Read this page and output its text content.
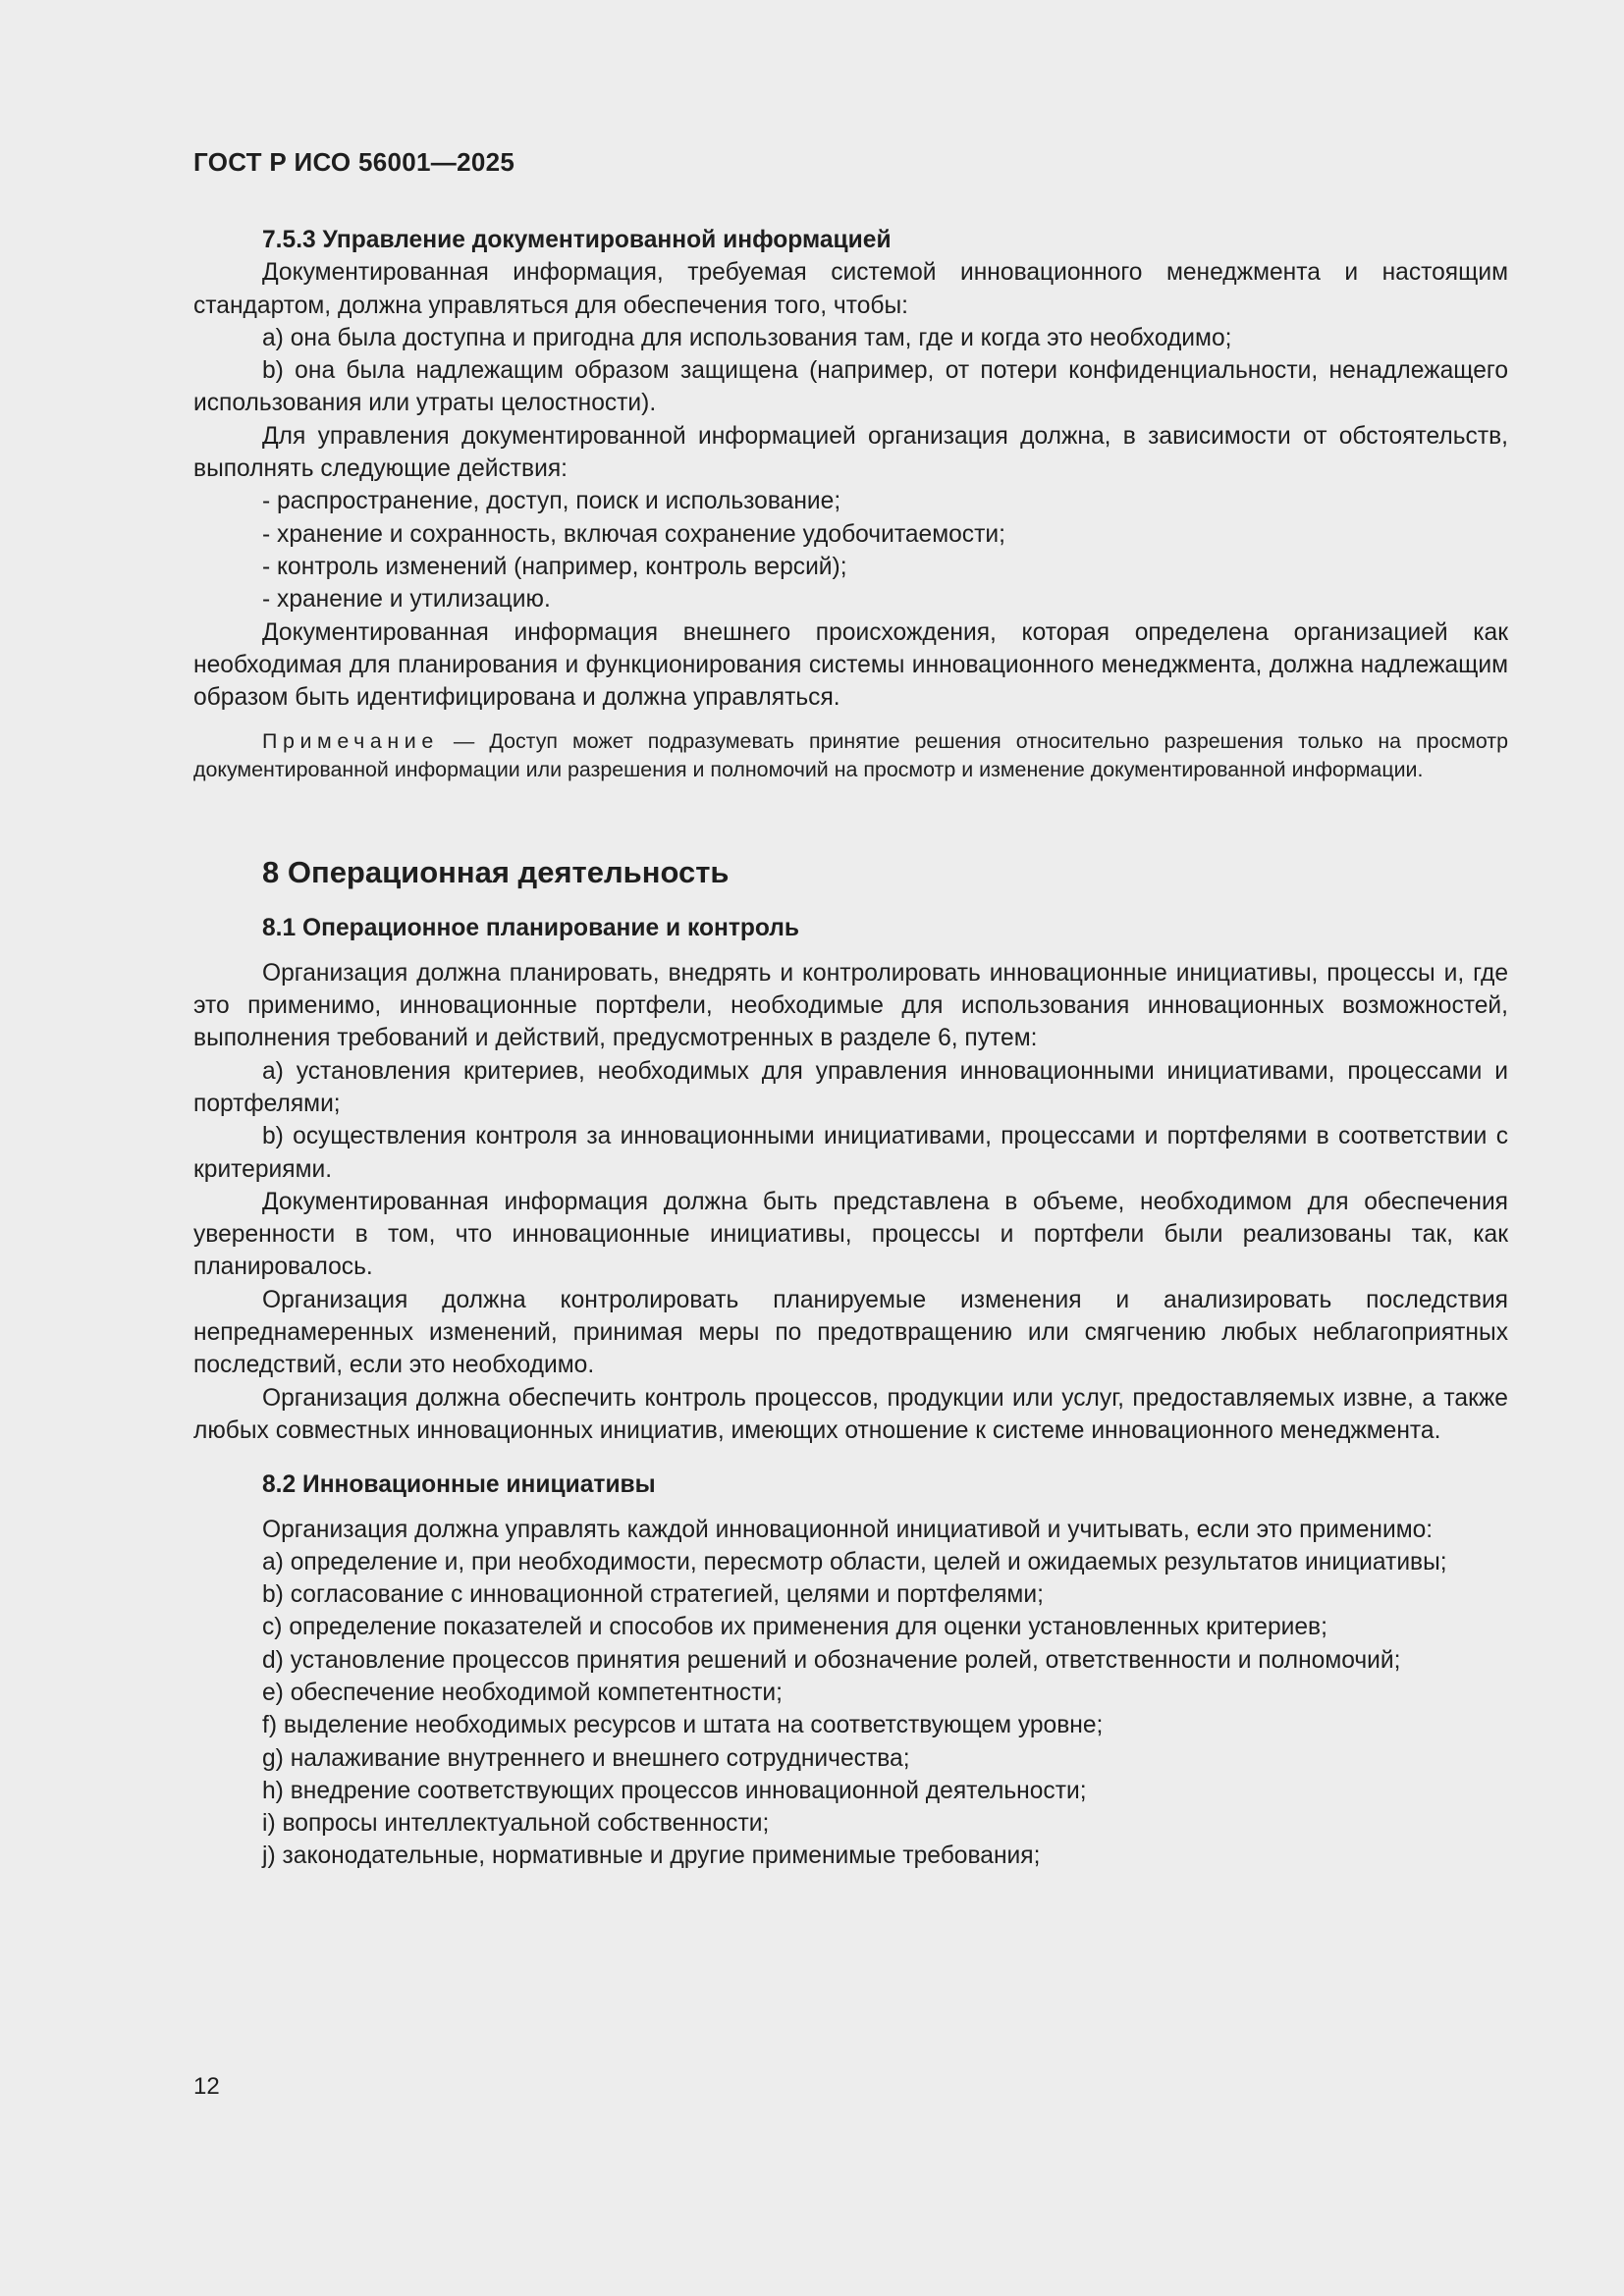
ГОСТ Р ИСО 56001—2025

7.5.3 Управление документированной информацией

Документированная информация, требуемая системой инновационного менеджмента и настоящим стандартом, должна управляться для обеспечения того, чтобы:

a) она была доступна и пригодна для использования там, где и когда это необходимо;

b) она была надлежащим образом защищена (например, от потери конфиденциальности, ненадлежащего использования или утраты целостности).

Для управления документированной информацией организация должна, в зависимости от обстоятельств, выполнять следующие действия:

- распространение, доступ, поиск и использование;

- хранение и сохранность, включая сохранение удобочитаемости;

- контроль изменений (например, контроль версий);

- хранение и утилизацию.

Документированная информация внешнего происхождения, которая определена организацией как необходимая для планирования и функционирования системы инновационного менеджмента, должна надлежащим образом быть идентифицирована и должна управляться.

Примечание — Доступ может подразумевать принятие решения относительно разрешения только на просмотр документированной информации или разрешения и полномочий на просмотр и изменение документированной информации.

8 Операционная деятельность

8.1 Операционное планирование и контроль

Организация должна планировать, внедрять и контролировать инновационные инициативы, процессы и, где это применимо, инновационные портфели, необходимые для использования инновационных возможностей, выполнения требований и действий, предусмотренных в разделе 6, путем:

a) установления критериев, необходимых для управления инновационными инициативами, процессами и портфелями;

b) осуществления контроля за инновационными инициативами, процессами и портфелями в соответствии с критериями.

Документированная информация должна быть представлена в объеме, необходимом для обеспечения уверенности в том, что инновационные инициативы, процессы и портфели были реализованы так, как планировалось.

Организация должна контролировать планируемые изменения и анализировать последствия непреднамеренных изменений, принимая меры по предотвращению или смягчению любых неблагоприятных последствий, если это необходимо.

Организация должна обеспечить контроль процессов, продукции или услуг, предоставляемых извне, а также любых совместных инновационных инициатив, имеющих отношение к системе инновационного менеджмента.

8.2 Инновационные инициативы

Организация должна управлять каждой инновационной инициативой и учитывать, если это применимо:

a) определение и, при необходимости, пересмотр области, целей и ожидаемых результатов инициативы;

b) согласование с инновационной стратегией, целями и портфелями;

c) определение показателей и способов их применения для оценки установленных критериев;

d) установление процессов принятия решений и обозначение ролей, ответственности и полномочий;

e) обеспечение необходимой компетентности;

f) выделение необходимых ресурсов и штата на соответствующем уровне;

g) налаживание внутреннего и внешнего сотрудничества;

h) внедрение соответствующих процессов инновационной деятельности;

i) вопросы интеллектуальной собственности;

j) законодательные, нормативные и другие применимые требования;

12
